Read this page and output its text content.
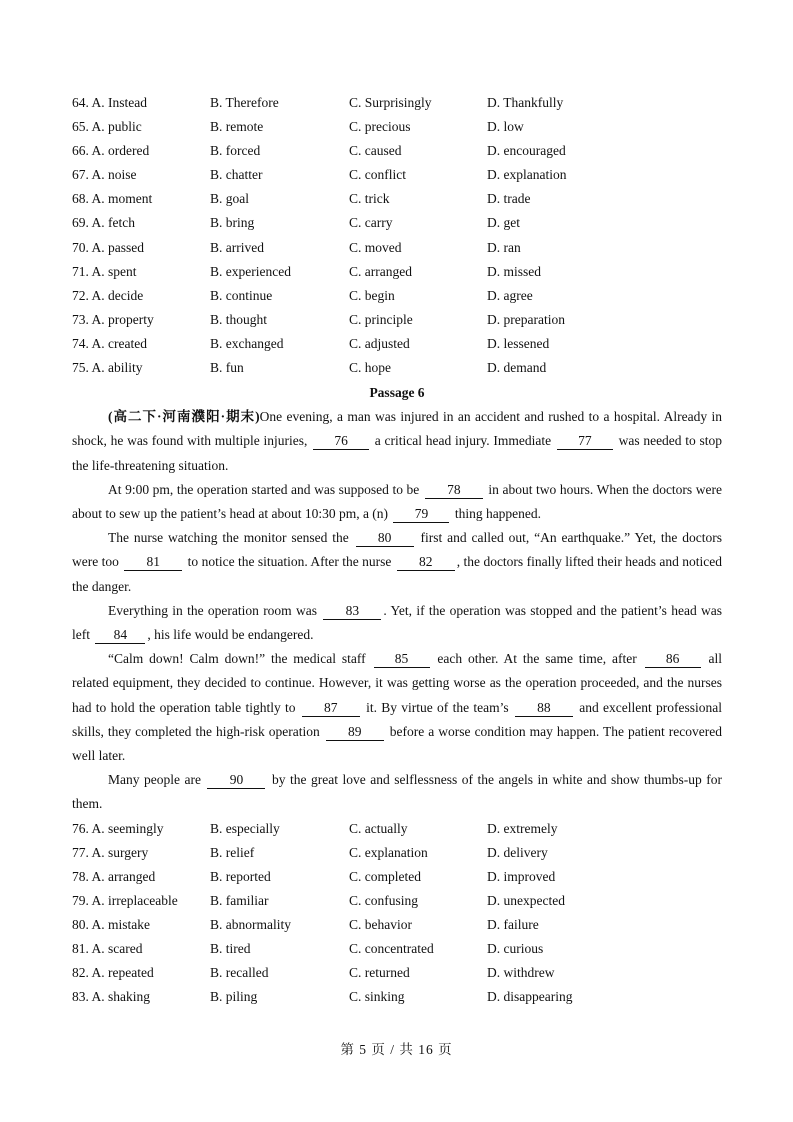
64. A. Instead	B. Therefore	C. Surprisingly	D. Thankfully
65. A. public	B. remote	C. precious	D. low
66. A. ordered	B. forced	C. caused	D. encouraged
67. A. noise	B. chatter	C. conflict	D. explanation
68. A. moment	B. goal	C. trick	D. trade
69. A. fetch	B. bring	C. carry	D. get
70. A. passed	B. arrived	C. moved	D. ran
71. A. spent	B. experienced	C. arranged	D. missed
72. A. decide	B. continue	C. begin	D. agree
73. A. property	B. thought	C. principle	D. preparation
74. A. created	B. exchanged	C. adjusted	D. lessened
75. A. ability	B. fun	C. hope	D. demand
Passage 6

(高二下·河南濮阳·期末)One evening, a man was injured in an accident and rushed to a hospital. Already in shock, he was found with multiple injuries, 76 a critical head injury. Immediate 77 was needed to stop the life-threatening situation.

At 9:00 pm, the operation started and was supposed to be 78 in about two hours. When the doctors were about to sew up the patient’s head at about 10:30 pm, a (n) 79 thing happened.

The nurse watching the monitor sensed the 80 first and called out, “An earthquake.” Yet, the doctors were too 81 to notice the situation. After the nurse 82 , the doctors finally lifted their heads and noticed the danger.

Everything in the operation room was 83 . Yet, if the operation was stopped and the patient’s head was left 84 , his life would be endangered.

“Calm down! Calm down!” the medical staff 85 each other. At the same time, after 86 all related equipment, they decided to continue. However, it was getting worse as the operation proceeded, and the nurses had to hold the operation table tightly to 87 it. By virtue of the team’s 88 and excellent professional skills, they completed the high-risk operation 89 before a worse condition may happen. The patient recovered well later.

Many people are 90 by the great love and selflessness of the angels in white and show thumbs-up for them.

76. A. seemingly	B. especially	C. actually	D. extremely
77. A. surgery	B. relief	C. explanation	D. delivery
78. A. arranged	B. reported	C. completed	D. improved
79. A. irreplaceable	B. familiar	C. confusing	D. unexpected
80. A. mistake	B. abnormality	C. behavior	D. failure
81. A. scared	B. tired	C. concentrated	D. curious
82. A. repeated	B. recalled	C. returned	D. withdrew
83. A. shaking	B. piling	C. sinking	D. disappearing
第 5 页 / 共 16 页
